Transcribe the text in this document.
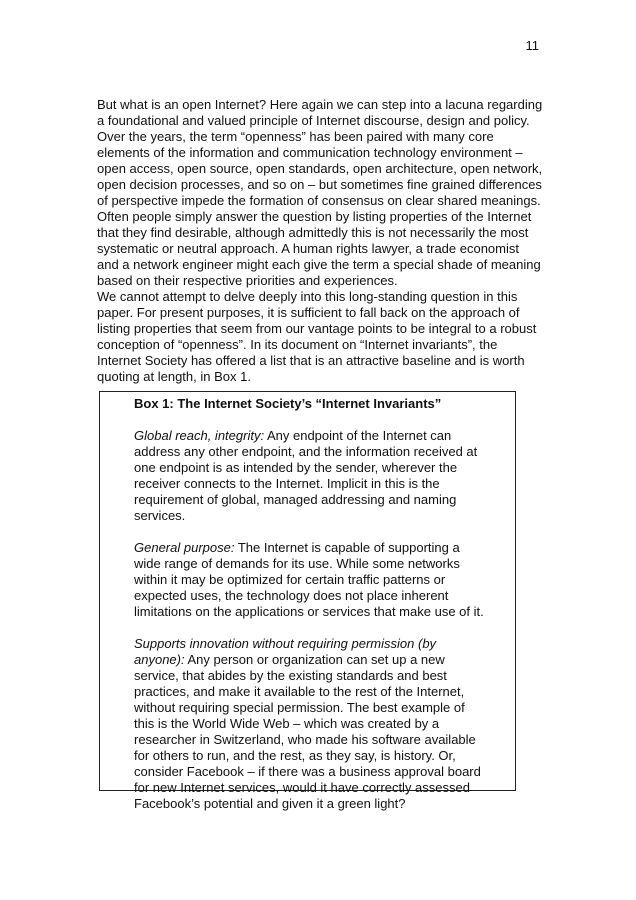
11

But what is an open Internet? Here again we can step into a lacuna regarding a foundational and valued principle of Internet discourse, design and policy. Over the years, the term “openness” has been paired with many core elements of the information and communication technology environment – open access, open source, open standards, open architecture, open network, open decision processes, and so on – but sometimes fine grained differences of perspective impede the formation of consensus on clear shared meanings. Often people simply answer the question by listing properties of the Internet that they find desirable, although admittedly this is not necessarily the most systematic or neutral approach. A human rights lawyer, a trade economist and a network engineer might each give the term a special shade of meaning based on their respective priorities and experiences.

We cannot attempt to delve deeply into this long-standing question in this paper. For present purposes, it is sufficient to fall back on the approach of listing properties that seem from our vantage points to be integral to a robust conception of “openness”. In its document on “Internet invariants”, the Internet Society has offered a list that is an attractive baseline and is worth quoting at length, in Box 1.

Box 1: The Internet Society’s “Internet Invariants”

Global reach, integrity: Any endpoint of the Internet can address any other endpoint, and the information received at one endpoint is as intended by the sender, wherever the receiver connects to the Internet. Implicit in this is the requirement of global, managed addressing and naming services.

General purpose: The Internet is capable of supporting a wide range of demands for its use. While some networks within it may be optimized for certain traffic patterns or expected uses, the technology does not place inherent limitations on the applications or services that make use of it.

Supports innovation without requiring permission (by anyone): Any person or organization can set up a new service, that abides by the existing standards and best practices, and make it available to the rest of the Internet, without requiring special permission. The best example of this is the World Wide Web – which was created by a researcher in Switzerland, who made his software available for others to run, and the rest, as they say, is history. Or, consider Facebook – if there was a business approval board for new Internet services, would it have correctly assessed Facebook’s potential and given it a green light?
